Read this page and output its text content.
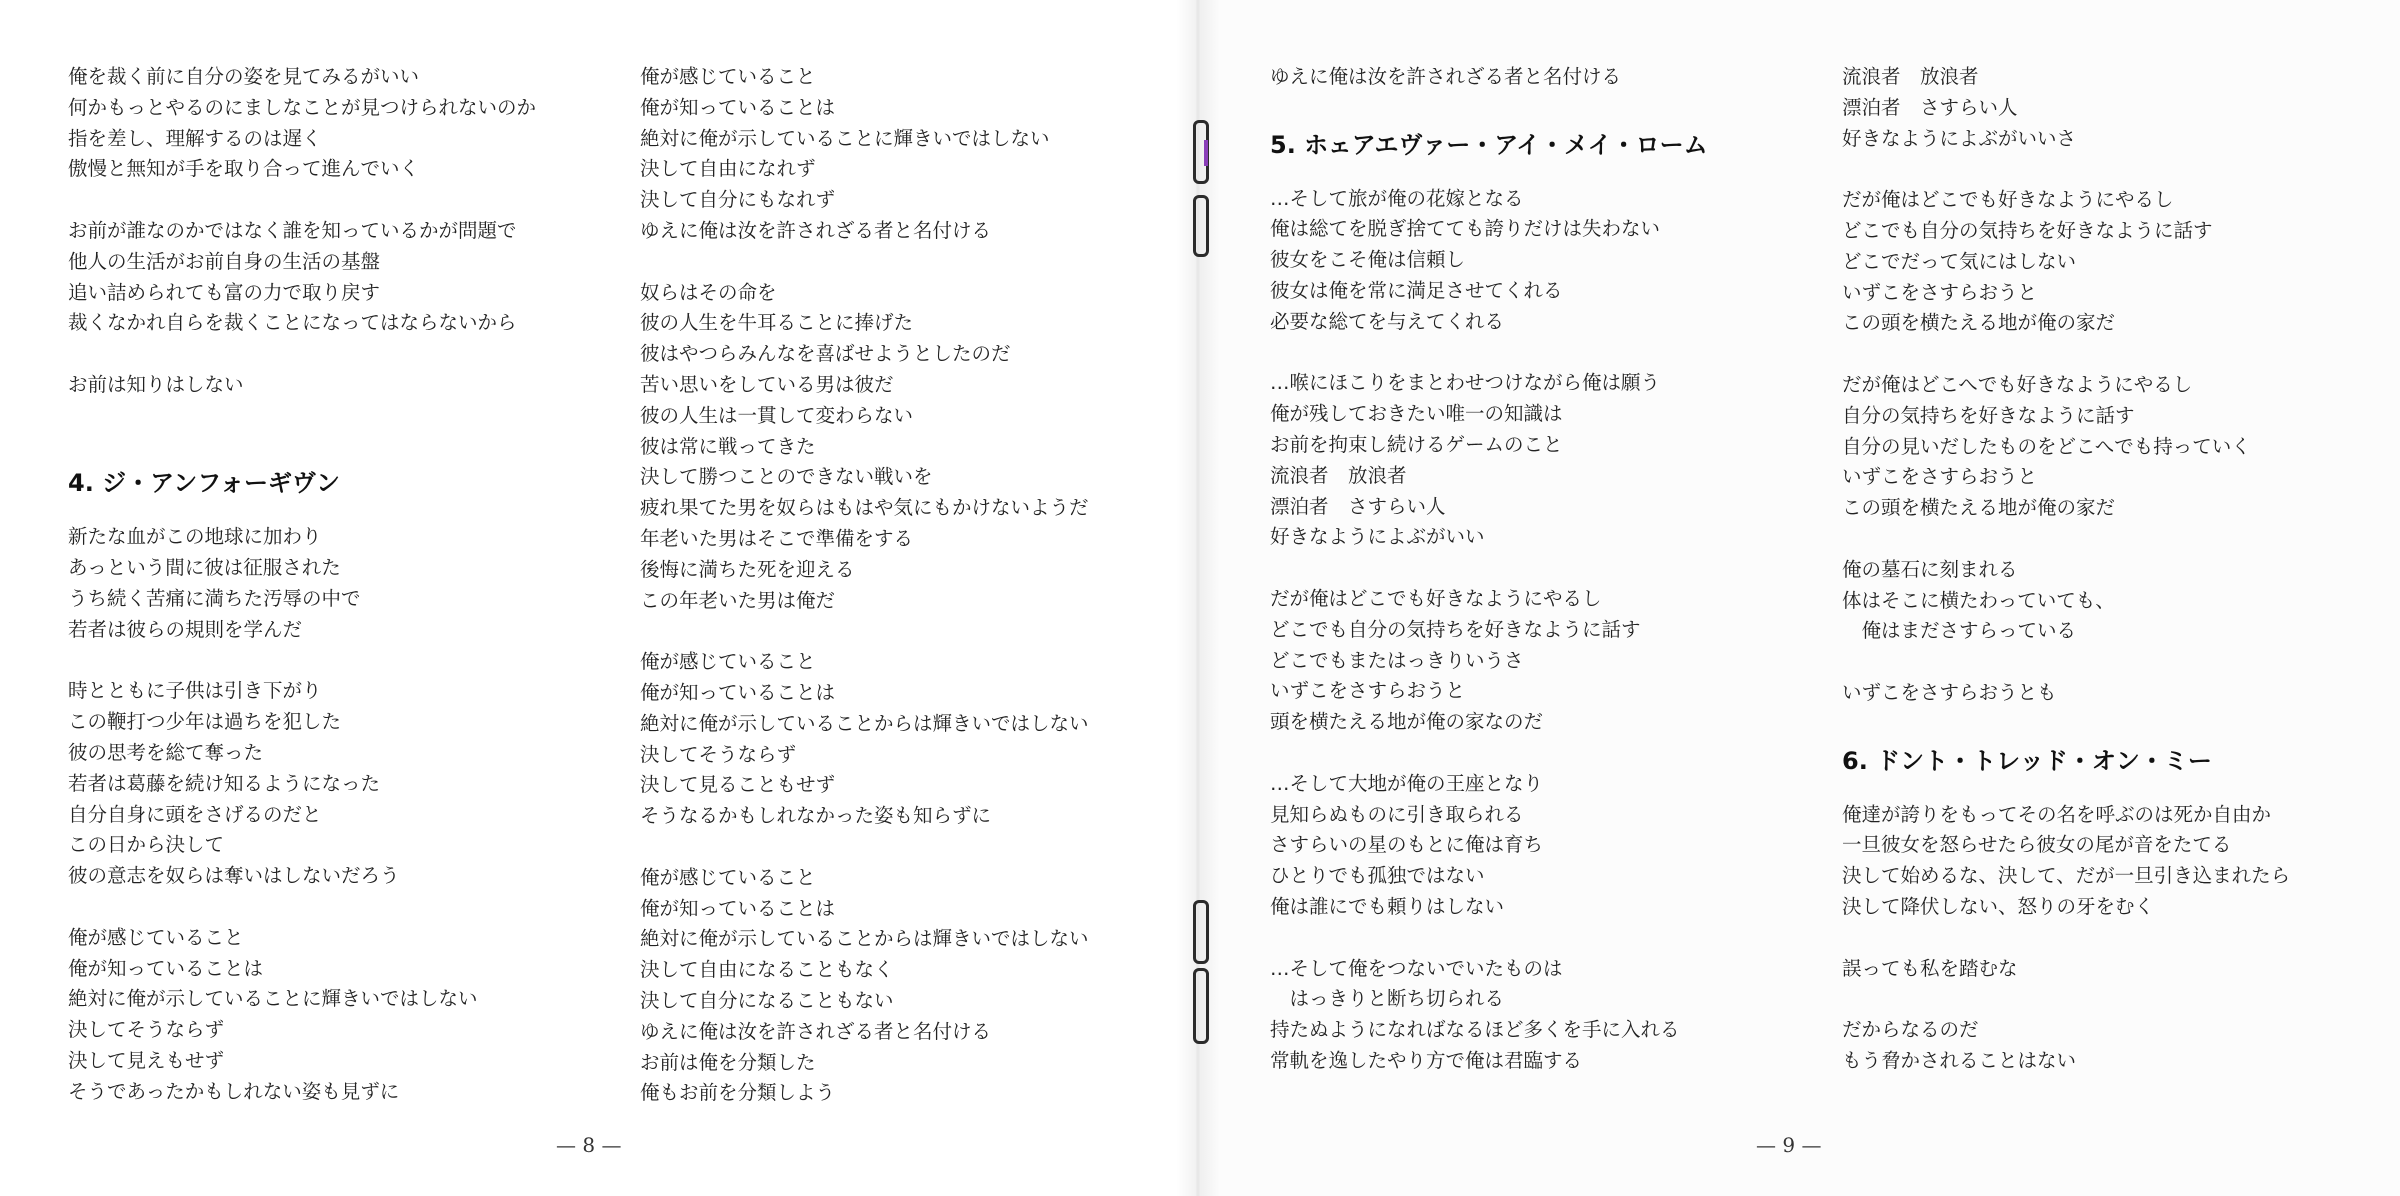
俺を裁く前に自分の姿を見てみるがいい
何かもっとやるのにましなことが見つけられないのか
指を差し、理解するのは遅く
傲慢と無知が手を取り合って進んでいく
お前が誰なのかではなく誰を知っているかが問題で
他人の生活がお前自身の生活の基盤
追い詰められても富の力で取り戻す
裁くなかれ自らを裁くことになってはならないから
お前は知りはしない
4. ジ・アンフォーギヴン
新たな血がこの地球に加わり
あっという間に彼は征服された
うち続く苦痛に満ちた汚辱の中で
若者は彼らの規則を学んだ
時とともに子供は引き下がり
この鞭打つ少年は過ちを犯した
彼の思考を総て奪った
若者は葛藤を続け知るようになった
自分自身に頭をさげるのだと
この日から決して
彼の意志を奴らは奪いはしないだろう
俺が感じていること
俺が知っていることは
絶対に俺が示していることに輝きいではしない
決してそうならず
決して見えもせず
そうであったかもしれない姿も見ずに
俺が感じていること
俺が知っていることは
絶対に俺が示していることに輝きいではしない
決して自由になれず
決して自分にもなれず
ゆえに俺は汝を許されざる者と名付ける
奴らはその命を
彼の人生を牛耳ることに捧げた
彼はやつらみんなを喜ばせようとしたのだ
苦い思いをしている男は彼だ
彼の人生は一貫して変わらない
彼は常に戦ってきた
決して勝つことのできない戦いを
疲れ果てた男を奴らはもはや気にもかけないようだ
年老いた男はそこで準備をする
後悔に満ちた死を迎える
この年老いた男は俺だ
俺が感じていること
俺が知っていることは
絶対に俺が示していることからは輝きいではしない
決してそうならず
決して見ることもせず
そうなるかもしれなかった姿も知らずに
俺が感じていること
俺が知っていることは
絶対に俺が示していることからは輝きいではしない
決して自由になることもなく
決して自分になることもない
ゆえに俺は汝を許されざる者と名付ける
お前は俺を分類した
俺もお前を分類しよう
— 8 —
ゆえに俺は汝を許されざる者と名付ける
5. ホェアエヴァー・アイ・メイ・ローム
…そして旅が俺の花嫁となる
俺は総てを脱ぎ捨てても誇りだけは失わない
彼女をこそ俺は信頼し
彼女は俺を常に満足させてくれる
必要な総てを与えてくれる
…喉にほこりをまとわせつけながら俺は願う
俺が残しておきたい唯一の知識は
お前を拘束し続けるゲームのこと
流浪者　放浪者
漂泊者　さすらい人
好きなようによぶがいい
だが俺はどこでも好きなようにやるし
どこでも自分の気持ちを好きなように話す
どこでもまたはっきりいうさ
いずこをさすらおうと
頭を横たえる地が俺の家なのだ
…そして大地が俺の王座となり
見知らぬものに引き取られる
さすらいの星のもとに俺は育ち
ひとりでも孤独ではない
俺は誰にでも頼りはしない
…そして俺をつないでいたものは
　はっきりと断ち切られる
持たぬようになればなるほど多くを手に入れる
常軌を逸したやり方で俺は君臨する
流浪者　放浪者
漂泊者　さすらい人
好きなようによぶがいいさ
だが俺はどこでも好きなようにやるし
どこでも自分の気持ちを好きなように話す
どこでだって気にはしない
いずこをさすらおうと
この頭を横たえる地が俺の家だ
だが俺はどこへでも好きなようにやるし
自分の気持ちを好きなように話す
自分の見いだしたものをどこへでも持っていく
いずこをさすらおうと
この頭を横たえる地が俺の家だ
俺の墓石に刻まれる
体はそこに横たわっていても、
　俺はまださすらっている
いずこをさすらおうとも
6. ドント・トレッド・オン・ミー
俺達が誇りをもってその名を呼ぶのは死か自由か
一旦彼女を怒らせたら彼女の尾が音をたてる
決して始めるな、決して、だが一旦引き込まれたら
決して降伏しない、怒りの牙をむく
誤っても私を踏むな
だからなるのだ
もう脅かされることはない
— 9 —
